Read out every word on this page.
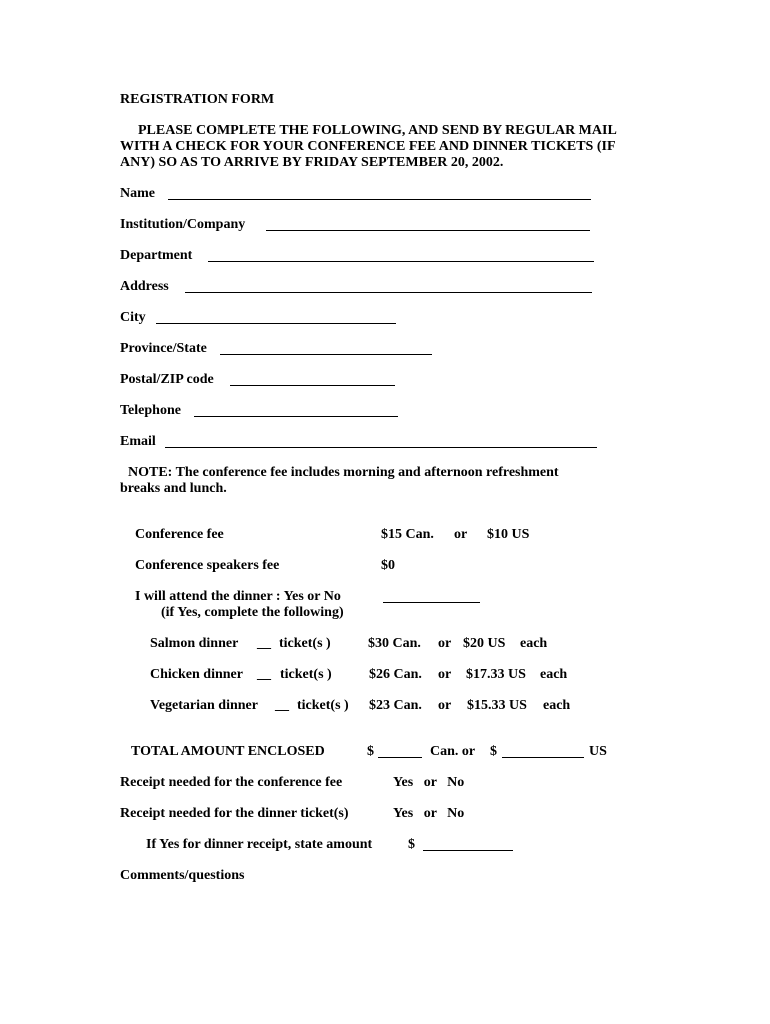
REGISTRATION FORM
PLEASE COMPLETE THE FOLLOWING, AND SEND BY REGULAR MAIL
WITH A CHECK FOR YOUR CONFERENCE FEE AND DINNER TICKETS (IF
ANY) SO AS TO ARRIVE BY FRIDAY SEPTEMBER 20, 2002.
Name
Institution/Company
Department
Address
City
Province/State
Postal/ZIP code
Telephone
Email
NOTE: The conference fee includes morning and afternoon refreshment
breaks and lunch.
Conference fee	$15 Can. or $10 US
Conference speakers fee	$0
I will attend the dinner : Yes or No
(if Yes, complete the following)
Salmon dinner __ ticket(s )	$30 Can. or $20 US each
Chicken dinner __ ticket(s )	$26 Can. or $17.33 US each
Vegetarian dinner __ ticket(s ) $23 Can. or $15.33 US each
TOTAL AMOUNT ENCLOSED	$	Can. or $	US
Receipt needed for the conference fee	Yes   or   No
Receipt needed for the dinner ticket(s)	Yes   or   No
If Yes for dinner receipt, state amount	$
Comments/questions
